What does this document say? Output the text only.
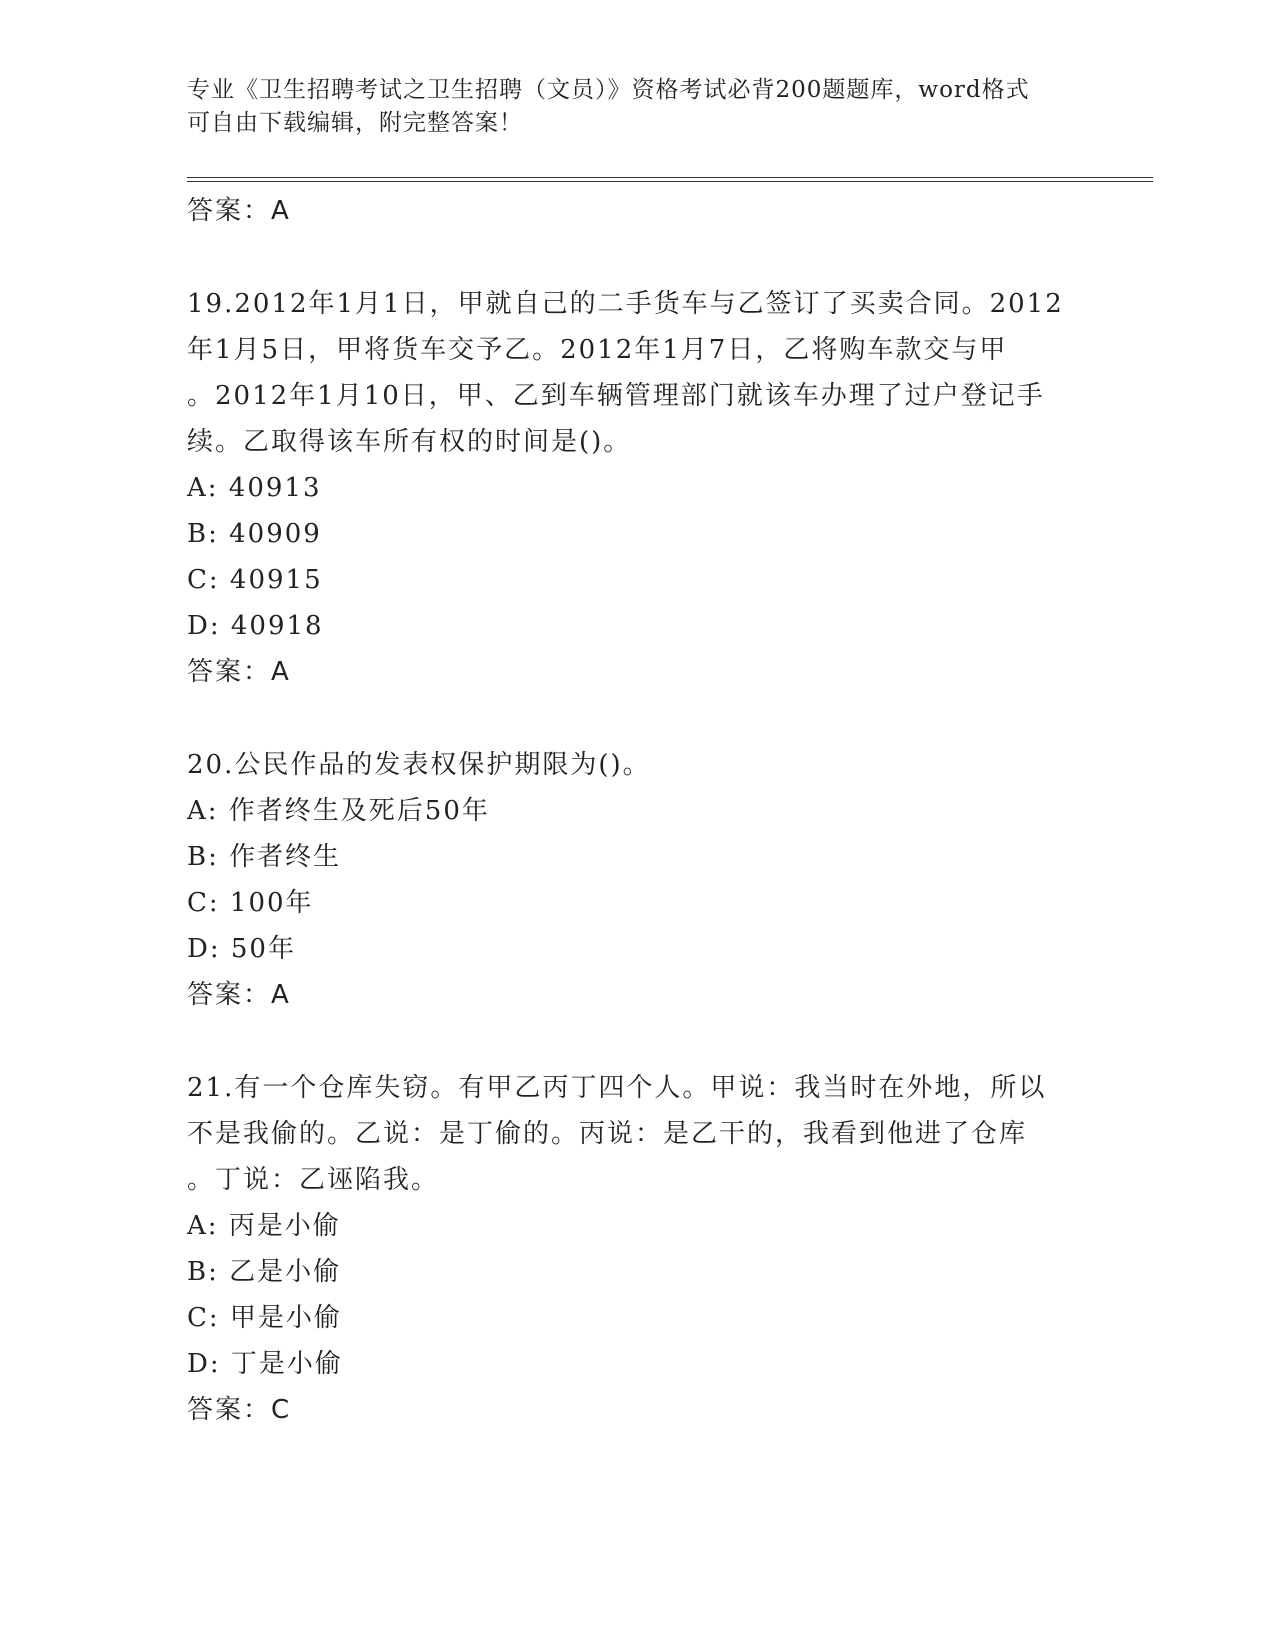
专业《卫生招聘考试之卫生招聘（文员）》资格考试必背200题题库，word格式

可自由下载编辑，附完整答案！

答案：A

19.2012年1月1日，甲就自己的二手货车与乙签订了买卖合同。2012

年1月5日，甲将货车交予乙。2012年1月7日，乙将购车款交与甲

。2012年1月10日，甲、乙到车辆管理部门就该车办理了过户登记手

续。乙取得该车所有权的时间是()。

A: 40913

B: 40909

C: 40915

D: 40918

答案：A

20.公民作品的发表权保护期限为()。

A: 作者终生及死后50年

B: 作者终生

C: 100年

D: 50年

答案：A

21.有一个仓库失窃。有甲乙丙丁四个人。甲说：我当时在外地，所以

不是我偷的。乙说：是丁偷的。丙说：是乙干的，我看到他进了仓库

。丁说：乙诬陷我。

A: 丙是小偷

B: 乙是小偷

C: 甲是小偷

D: 丁是小偷

答案：C
